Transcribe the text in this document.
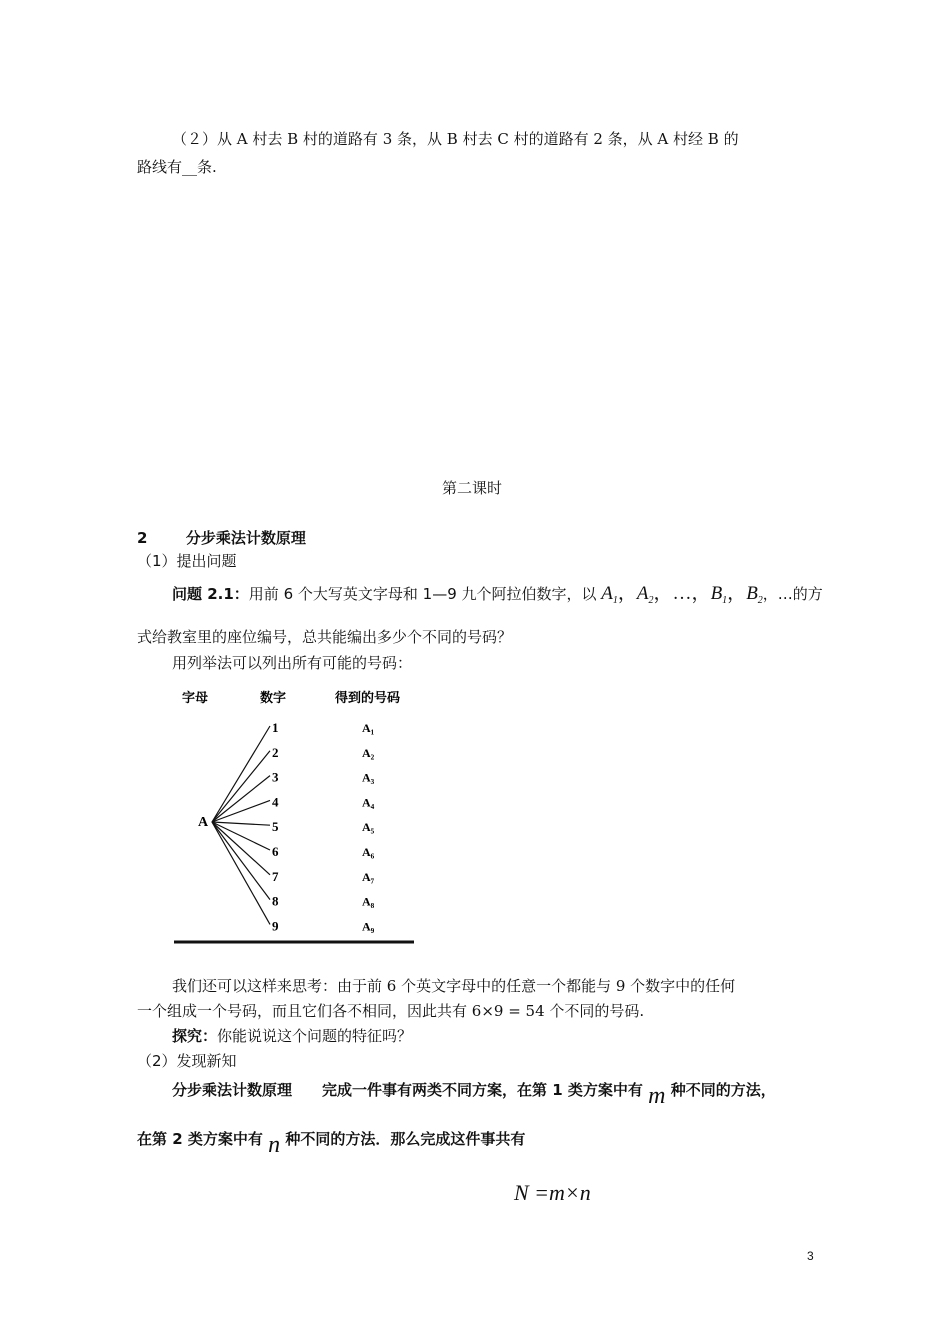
（２）从 A 村去 B 村的道路有 3 条，从 B 村去 C 村的道路有 2 条，从 A 村经 B 的
路线有__条.
第二课时
2	分步乘法计数原理
（1）提出问题
问题 2.1：用前 6 个大写英文字母和 1—9 九个阿拉伯数字，以 $A_1$，$A_2$，…，$B_1$，$B_2$，…的方
式给教室里的座位编号，总共能编出多少个不同的号码？
用列举法可以列出所有可能的号码：
字母	数字	得到的号码
A
1	A₁
2	A₂
3	A₃
4	A₄
5	A₅
6	A₆
7	A₇
8	A₈
9	A₉
我们还可以这样来思考：由于前 6 个英文字母中的任意一个都能与 9 个数字中的任何
一个组成一个号码，而且它们各不相同，因此共有 6×9 = 54 个不同的号码.
探究：你能说说这个问题的特征吗？
（2）发现新知
分步乘法计数原理 完成一件事有两类不同方案，在第 1 类方案中有 m 种不同的方法，
在第 2 类方案中有 n 种不同的方法．那么完成这件事共有
N =m×n
3
